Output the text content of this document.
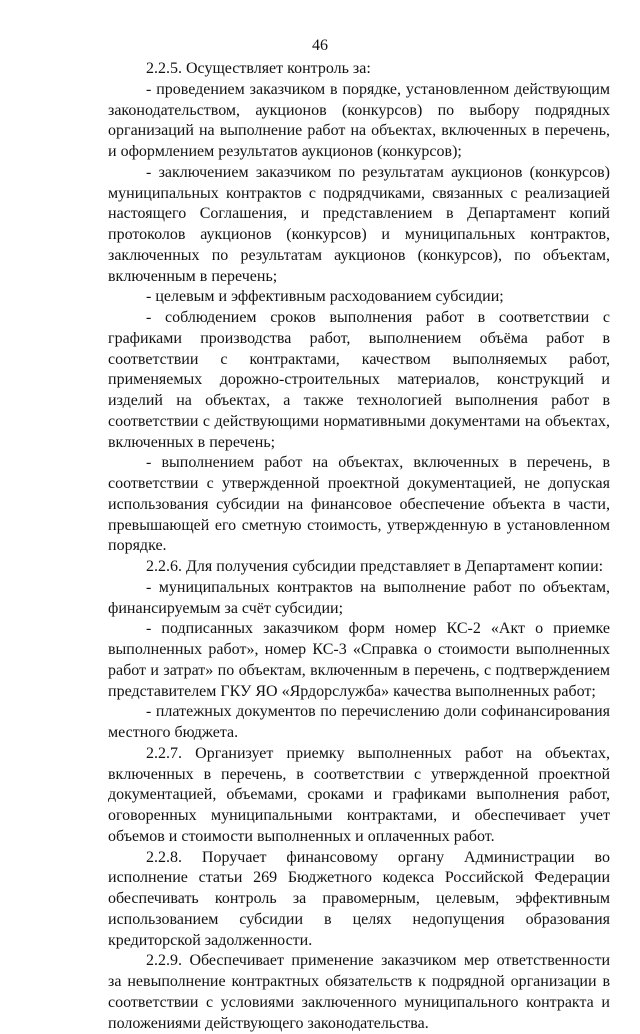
46

2.2.5. Осуществляет контроль за:

- проведением заказчиком в порядке, установленном действующим законодательством, аукционов (конкурсов) по выбору подрядных организаций на выполнение работ на объектах, включенных в перечень, и оформлением результатов аукционов (конкурсов);

- заключением заказчиком по результатам аукционов (конкурсов) муниципальных контрактов с подрядчиками, связанных с реализацией настоящего Соглашения, и представлением в Департамент копий протоколов аукционов (конкурсов) и муниципальных контрактов, заключенных по результатам аукционов (конкурсов), по объектам, включенным в перечень;

- целевым и эффективным расходованием субсидии;

- соблюдением сроков выполнения работ в соответствии с графиками производства работ, выполнением объёма работ в соответствии с контрактами, качеством выполняемых работ, применяемых дорожно-строительных материалов, конструкций и изделий на объектах, а также технологией выполнения работ в соответствии с действующими нормативными документами на объектах, включенных в перечень;

- выполнением работ на объектах, включенных в перечень, в соответствии с утвержденной проектной документацией, не допуская использования субсидии на финансовое обеспечение объекта в части, превышающей его сметную стоимость, утвержденную в установленном порядке.

2.2.6. Для получения субсидии представляет в Департамент копии:

- муниципальных контрактов на выполнение работ по объектам, финансируемым за счёт субсидии;

- подписанных заказчиком форм номер КС-2 «Акт о приемке выполненных работ», номер КС-3 «Справка о стоимости выполненных работ и затрат» по объектам, включенным в перечень, с подтверждением представителем ГКУ ЯО «Ярдорслужба» качества выполненных работ;

- платежных документов по перечислению доли софинансирования местного бюджета.

2.2.7. Организует приемку выполненных работ на объектах, включенных в перечень, в соответствии с утвержденной проектной документацией, объемами, сроками и графиками выполнения работ, оговоренных муниципальными контрактами, и обеспечивает учет объемов и стоимости выполненных и оплаченных работ.

2.2.8. Поручает финансовому органу Администрации во исполнение статьи 269 Бюджетного кодекса Российской Федерации обеспечивать контроль за правомерным, целевым, эффективным использованием субсидии в целях недопущения образования кредиторской задолженности.

2.2.9. Обеспечивает применение заказчиком мер ответственности за невыполнение контрактных обязательств к подрядной организации в соответствии с условиями заключенного муниципального контракта и положениями действующего законодательства.
